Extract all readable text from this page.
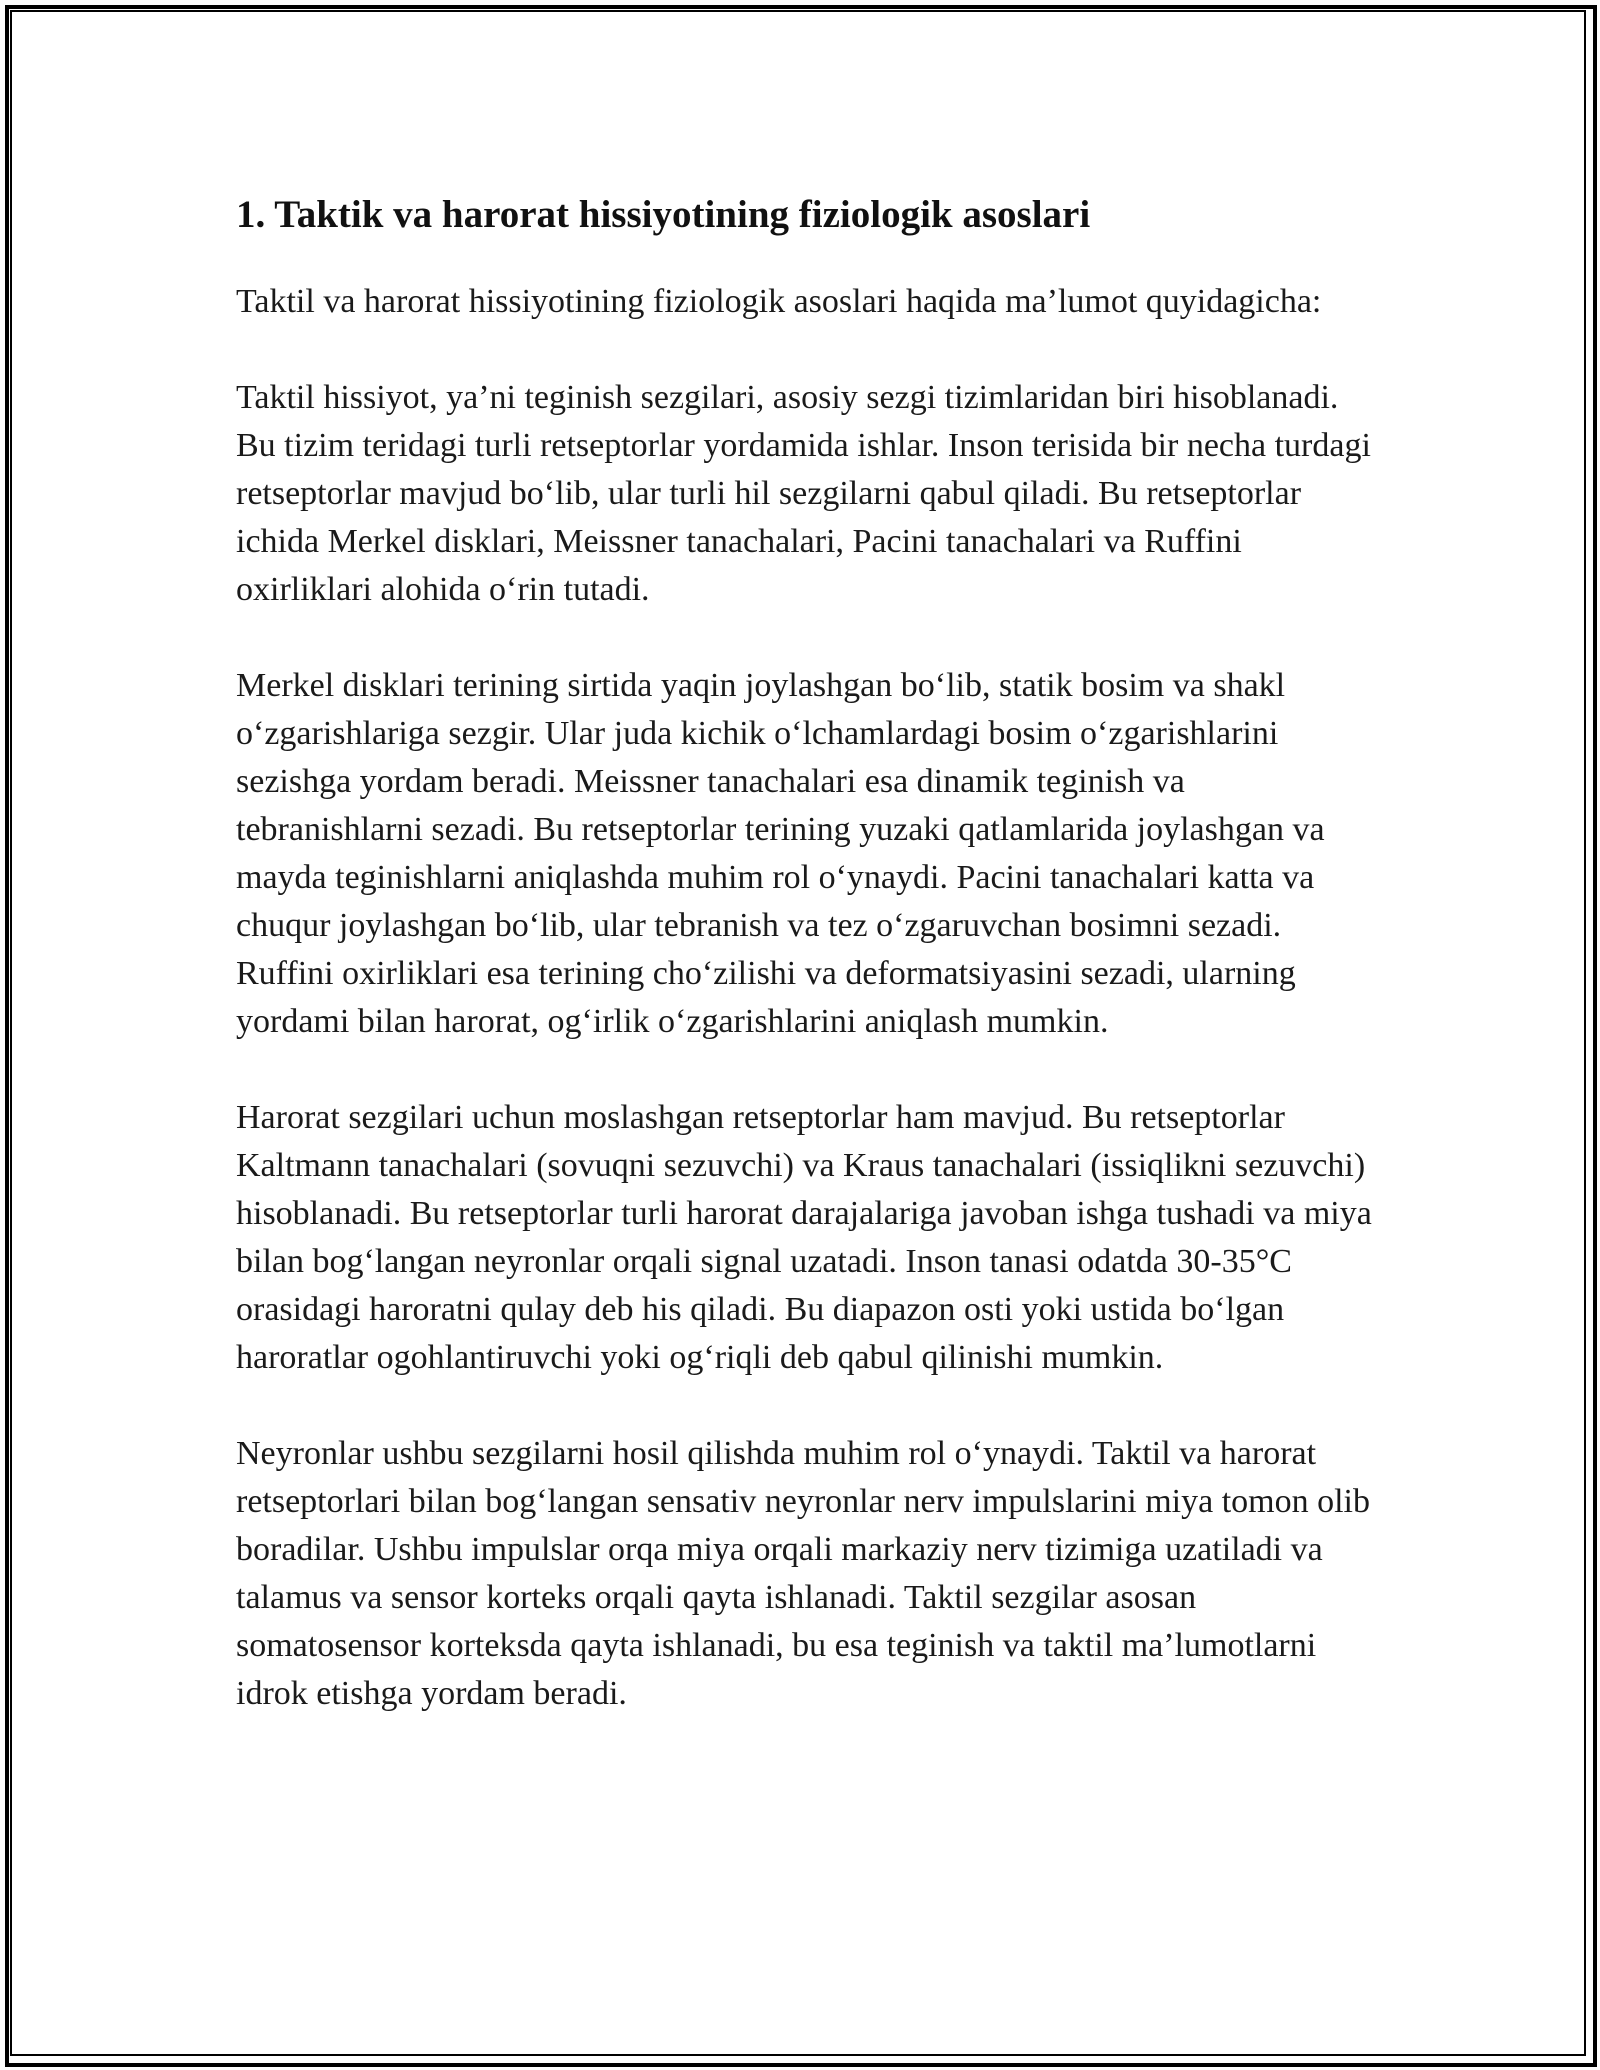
1. Taktik va harorat hissiyotining fiziologik asoslari

Taktil va harorat hissiyotining fiziologik asoslari haqida ma’lumot quyidagicha:

Taktil hissiyot, ya’ni teginish sezgilari, asosiy sezgi tizimlaridan biri hisoblanadi. Bu tizim teridagi turli retseptorlar yordamida ishlar. Inson terisida bir necha turdagi retseptorlar mavjud bo‘lib, ular turli hil sezgilarni qabul qiladi. Bu retseptorlar ichida Merkel disklari, Meissner tanachalari, Pacini tanachalari va Ruffini oxirliklari alohida o‘rin tutadi.

Merkel disklari terining sirtida yaqin joylashgan bo‘lib, statik bosim va shakl o‘zgarishlariga sezgir. Ular juda kichik o‘lchamlardagi bosim o‘zgarishlarini sezishga yordam beradi. Meissner tanachalari esa dinamik teginish va tebranishlarni sezadi. Bu retseptorlar terining yuzaki qatlamlarida joylashgan va mayda teginishlarni aniqlashda muhim rol o‘ynaydi. Pacini tanachalari katta va chuqur joylashgan bo‘lib, ular tebranish va tez o‘zgaruvchan bosimni sezadi. Ruffini oxirliklari esa terining cho‘zilishi va deformatsiyasini sezadi, ularning yordami bilan harorat, og‘irlik o‘zgarishlarini aniqlash mumkin.

Harorat sezgilari uchun moslashgan retseptorlar ham mavjud. Bu retseptorlar Kaltmann tanachalari (sovuqni sezuvchi) va Kraus tanachalari (issiqlikni sezuvchi) hisoblanadi. Bu retseptorlar turli harorat darajalariga javoban ishga tushadi va miya bilan bog‘langan neyronlar orqali signal uzatadi. Inson tanasi odatda 30-35°C orasidagi haroratni qulay deb his qiladi. Bu diapazon osti yoki ustida bo‘lgan haroratlar ogohlantiruvchi yoki og‘riqli deb qabul qilinishi mumkin.

Neyronlar ushbu sezgilarni hosil qilishda muhim rol o‘ynaydi. Taktil va harorat retseptorlari bilan bog‘langan sensativ neyronlar nerv impulslarini miya tomon olib boradilar. Ushbu impulslar orqa miya orqali markaziy nerv tizimiga uzatiladi va talamus va sensor korteks orqali qayta ishlanadi. Taktil sezgilar asosan somatosensor korteksda qayta ishlanadi, bu esa teginish va taktil ma’lumotlarni idrok etishga yordam beradi.
